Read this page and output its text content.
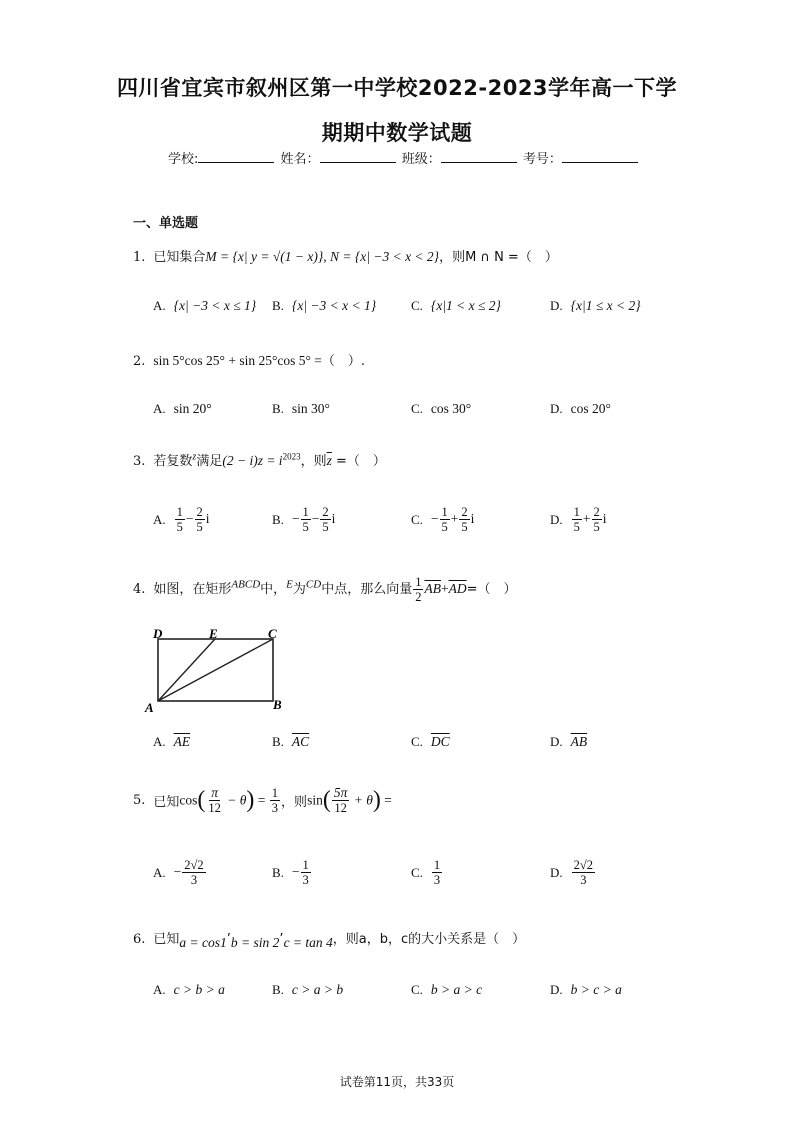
四川省宜宾市叙州区第一中学校2022-2023学年高一下学
期期中数学试题
学校:	姓名：	班级：	考号：
一、单选题
1. 已知集合M = {x| y = √(1 − x)}, N = {x| −3 < x < 2}，则M ∩ N =（　）
A. {x| −3 < x ≤ 1} B. {x| −3 < x < 1}	C. {x|1 < x ≤ 2}	D. {x|1 ≤ x < 2}
2. sin 5°cos 25° + sin 25°cos 5° =（　）.
A. sin 20°	B. sin 30°	C. cos 30°	D. cos 20°
3. 若复数$^z$满足$(2 - i)z = i^{2023}$，则$\overline{z}$ =（　）
A. $\frac{1}{5} - \frac{2}{5}$ i	B. − $\frac{1}{5} - \frac{2}{5}$ i	C. − $\frac{1}{5} + \frac{2}{5}$ i	D. $\frac{1}{5} + \frac{2}{5}$ i
4. 如图，在矩形$^{ABCD}$中，$^E$为$^{CD}$中点，那么向量 $\frac{1}{2} \overline{AB}+\overline{AD}=$（　）
D	E	C
A	B
A. $\overline{AE}$	B. $\overline{AC}$	C. $\overline{DC}$	D. $\overline{AB}$
5. 已知$\cos( \frac{\pi}{12} - \theta) = \frac{1}{3}$ ，则$\sin( \frac{5\pi}{12} + \theta)$ =
A. − $\frac{2√2}{3}$	B. − $\frac{1}{3}$	C. $\frac{1}{3}$	D. $\frac{2√2}{3}$
6. 已知a = cos1’b = sin 2’c = tan 4，则a，b，c的大小关系是（　）
A. c > b > a	B. c > a > b	C. b > a > c	D. b > c > a
试卷第11页，共33页
